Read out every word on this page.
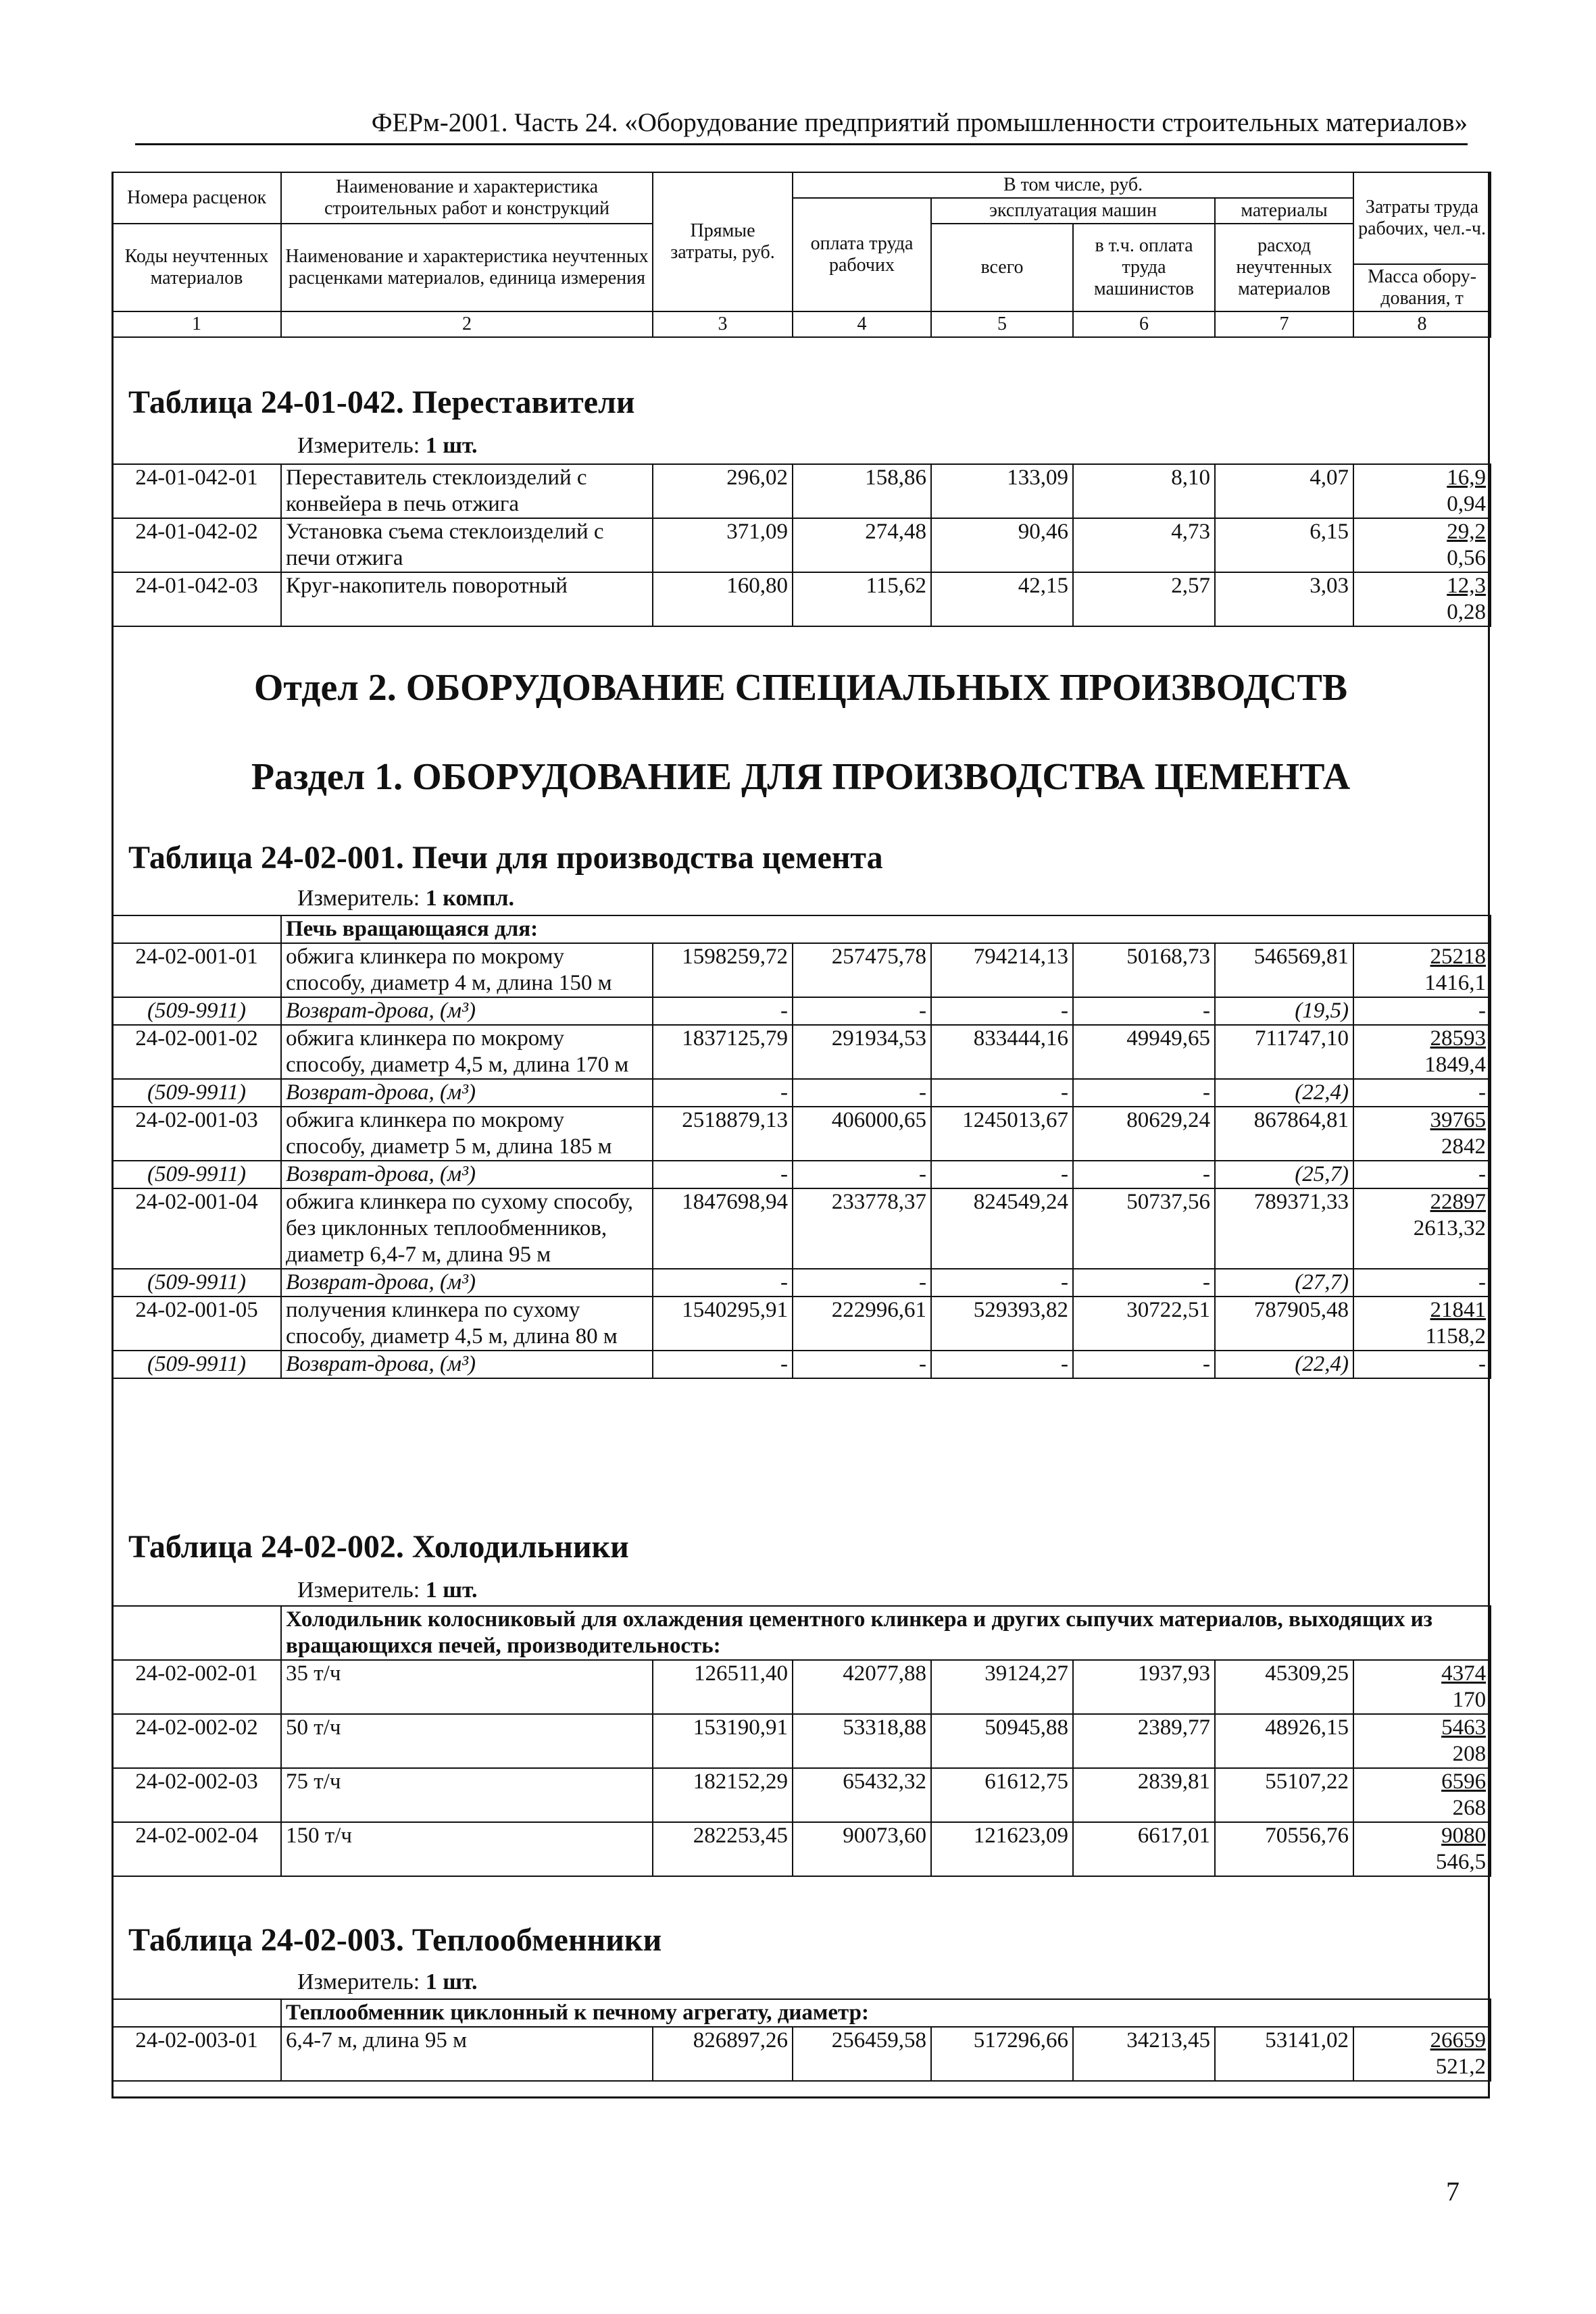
ФЕРм-2001. Часть 24. «Оборудование предприятий промышленности строительных материалов»
Номера расценок	Наименование и характеристика строительных работ и конструкций	Прямые затраты, руб.	В том числе, руб.				Затраты труда рабочих, чел.-ч.
			оплата труда рабочих	эксплуатация машин		материалы	
Коды неучтенных материалов	Наименование и характеристика неучтенных расценками материалов, единица измерения			всего	в т.ч. оплата труда машинистов	расход неучтенных материалов	
							Масса обору-дования, т
1	2	3	4	5	6	7	8
Таблица 24-01-042. Переставители
Измеритель: 1 шт.
24-01-042-01	Переставитель стеклоизделий с конвейера в печь отжига	296,02	158,86	133,09	8,10	4,07	16,9
0,94
24-01-042-02	Установка съема стеклоизделий с печи отжига	371,09	274,48	90,46	4,73	6,15	29,2
0,56
24-01-042-03	Круг-накопитель поворотный	160,80	115,62	42,15	2,57	3,03	12,3
0,28
Отдел 2. ОБОРУДОВАНИЕ СПЕЦИАЛЬНЫХ ПРОИЗВОДСТВ
Раздел 1. ОБОРУДОВАНИЕ ДЛЯ ПРОИЗВОДСТВА ЦЕМЕНТА
Таблица 24-02-001. Печи для производства цемента
Измеритель: 1 компл.
	Печь вращающаяся для:						
24-02-001-01	обжига клинкера по мокрому способу, диаметр 4 м, длина 150 м	1598259,72	257475,78	794214,13	50168,73	546569,81	25218
1416,1
(509-9911)	Возврат-дрова, (м³)	-	-	-	-	(19,5)	-
24-02-001-02	обжига клинкера по мокрому способу, диаметр 4,5 м, длина 170 м	1837125,79	291934,53	833444,16	49949,65	711747,10	28593
1849,4
(509-9911)	Возврат-дрова, (м³)	-	-	-	-	(22,4)	-
24-02-001-03	обжига клинкера по мокрому способу, диаметр 5 м, длина 185 м	2518879,13	406000,65	1245013,67	80629,24	867864,81	39765
2842
(509-9911)	Возврат-дрова, (м³)	-	-	-	-	(25,7)	-
24-02-001-04	обжига клинкера по сухому способу, без циклонных теплообменников, диаметр 6,4-7 м, длина 95 м	1847698,94	233778,37	824549,24	50737,56	789371,33	22897
2613,32
(509-9911)	Возврат-дрова, (м³)	-	-	-	-	(27,7)	-
24-02-001-05	получения клинкера по сухому способу, диаметр 4,5 м, длина 80 м	1540295,91	222996,61	529393,82	30722,51	787905,48	21841
1158,2
(509-9911)	Возврат-дрова, (м³)	-	-	-	-	(22,4)	-
Таблица 24-02-002. Холодильники
Измеритель: 1 шт.
	Холодильник колосниковый для охлаждения цементного клинкера и других сыпучих материалов, выходящих из вращающихся печей, производительность:						
24-02-002-01	35 т/ч	126511,40	42077,88	39124,27	1937,93	45309,25	4374
170
24-02-002-02	50 т/ч	153190,91	53318,88	50945,88	2389,77	48926,15	5463
208
24-02-002-03	75 т/ч	182152,29	65432,32	61612,75	2839,81	55107,22	6596
268
24-02-002-04	150 т/ч	282253,45	90073,60	121623,09	6617,01	70556,76	9080
546,5
Таблица 24-02-003. Теплообменники
Измеритель: 1 шт.
	Теплообменник циклонный к печному агрегату, диаметр:						
24-02-003-01	6,4-7 м, длина 95 м	826897,26	256459,58	517296,66	34213,45	53141,02	26659
521,2
7
